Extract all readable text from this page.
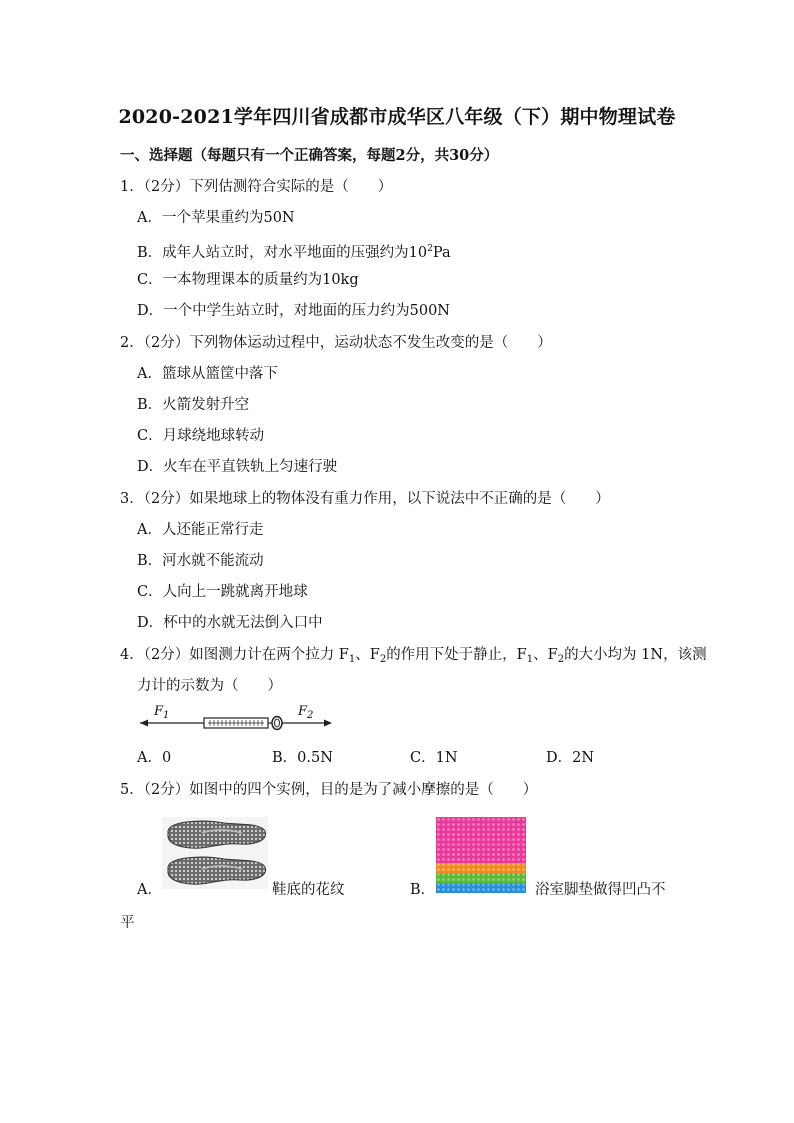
2020-2021学年四川省成都市成华区八年级（下）期中物理试卷
一、选择题（每题只有一个正确答案，每题2分，共30分）
1．（2分）下列估测符合实际的是（　　）
A．一个苹果重约为50N
B．成年人站立时，对水平地面的压强约为$10^2Pa$
C．一本物理课本的质量约为10kg
D．一个中学生站立时，对地面的压力约为500N
2．（2分）下列物体运动过程中，运动状态不发生改变的是（　　）
A．篮球从篮筐中落下
B．火箭发射升空
C．月球绕地球转动
D．火车在平直铁轨上匀速行驶
3．（2分）如果地球上的物体没有重力作用，以下说法中不正确的是（　　）
A．人还能正常行走
B．河水就不能流动
C．人向上一跳就离开地球
D．杯中的水就无法倒入口中
4．（2分）如图测力计在两个拉力 $F_1$、$F_2$的作用下处于静止，$F_1$、$F_2$的大小均为 1N，该测
力计的示数为（　　）
$F_1$	$F_2$
A．0	B．0.5N	C．1N	D．2N
5．（2分）如图中的四个实例，目的是为了减小摩擦的是（　　）
A．	鞋底的花纹	B．	浴室脚垫做得凹凸不
平
